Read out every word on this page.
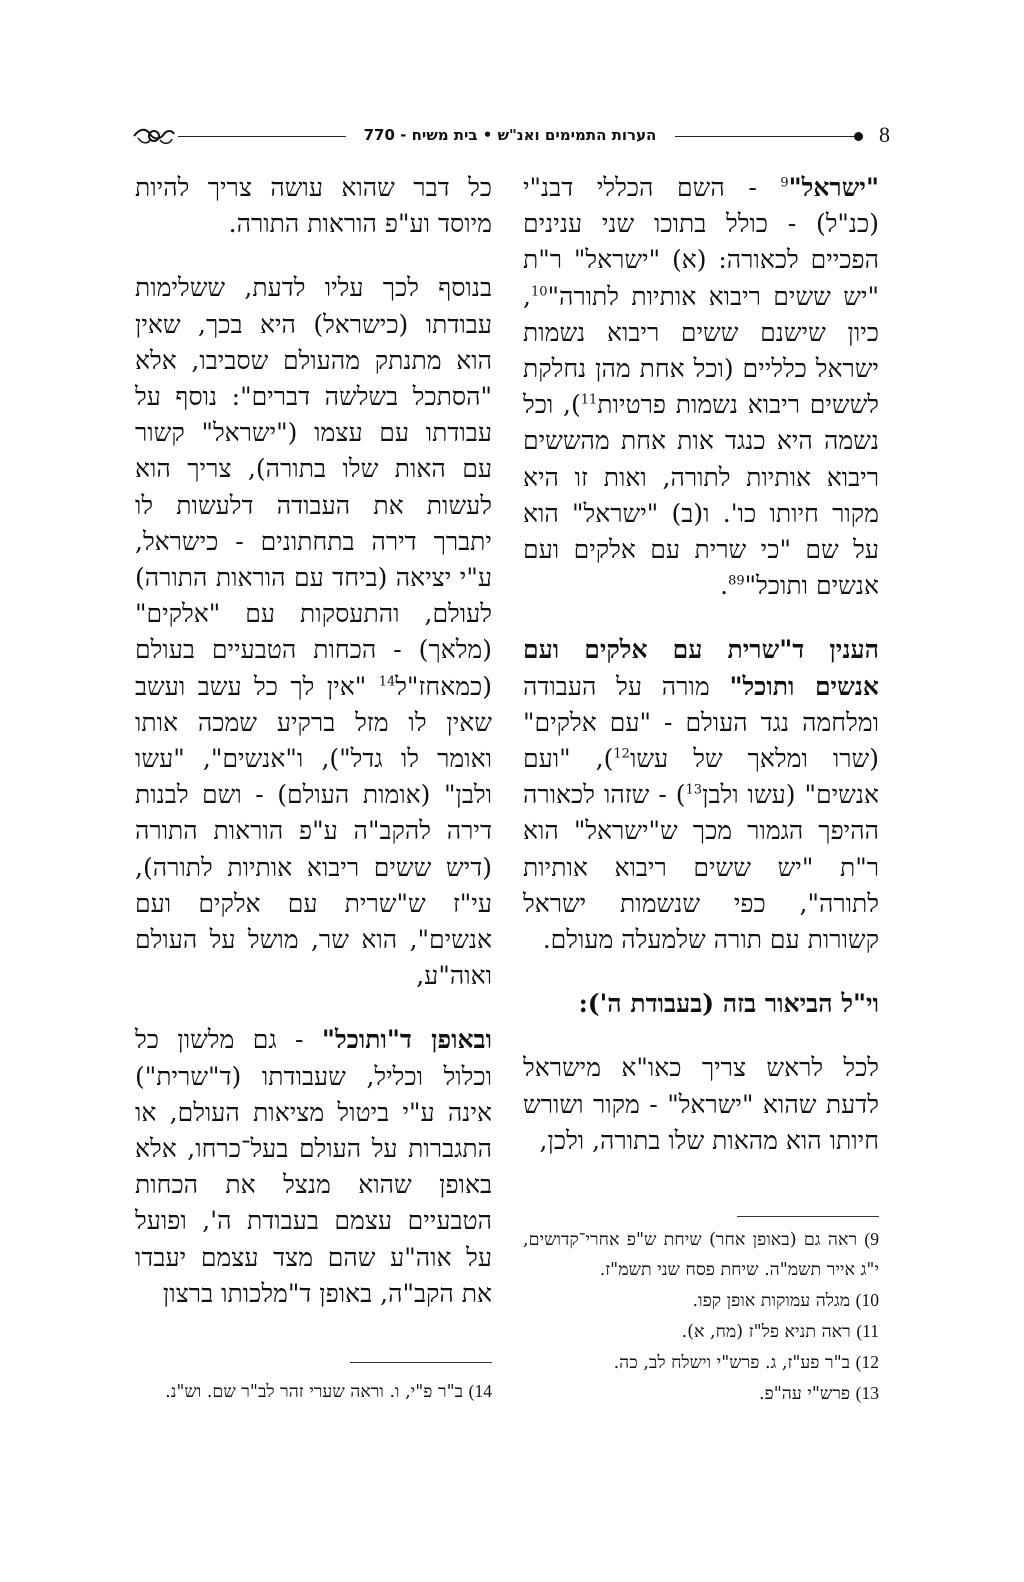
הערות התמימים ואנ"ש • בית משיח - 770	8

"ישראל"$^9$ - השם הכללי דבנ"י (כנ"ל) - כולל בתוכו שני ענינים הפכיים לכאורה: (א) "ישראל" ר"ת "יש ששים ריבוא אותיות לתורה"$^{10}$, כיון שישנם ששים ריבוא נשמות ישראל כלליים (וכל אחת מהן נחלקת לששים ריבוא נשמות פרטיות$^{11}$), וכל נשמה היא כנגד אות אחת מהששים ריבוא אותיות לתורה, ואות זו היא מקור חיותו כו'. ו(ב) "ישראל" הוא על שם "כי שרית עם אלקים ועם אנשים ותוכל"$^{89}$.

הענין ד"שרית עם אלקים ועם אנשים ותוכל" מורה על העבודה ומלחמה נגד העולם - "עם אלקים" (שרו ומלאך של עשו$^{12}$), "ועם אנשים" (עשו ולבן$^{13}$) - שזהו לכאורה ההיפך הגמור מכך ש"ישראל" הוא ר"ת "יש ששים ריבוא אותיות לתורה", כפי שנשמות ישראל קשורות עם תורה שלמעלה מעולם.

וי"ל הביאור בזה (בעבודת ה'):

לכל לראש צריך כאו"א מישראל לדעת שהוא "ישראל" - מקור ושורש חיותו הוא מהאות שלו בתורה, ולכן,

כל דבר שהוא עושה צריך להיות מיוסד וע"פ הוראות התורה.

בנוסף לכך עליו לדעת, ששלימות עבודתו (כישראל) היא בכך, שאין הוא מתנתק מהעולם שסביבו, אלא "הסתכל בשלשה דברים": נוסף על עבודתו עם עצמו ("ישראל" קשור עם האות שלו בתורה), צריך הוא לעשות את העבודה דלעשות לו יתברך דירה בתחתונים - כישראל, ע"י יציאה (ביחד עם הוראות התורה) לעולם, והתעסקות עם "אלקים" (מלאך) - הכחות הטבעיים בעולם (כמאחז"ל$^{14}$ "אין לך כל עשב ועשב שאין לו מזל ברקיע שמכה אותו ואומר לו גדל"), ו"אנשים", "עשו ולבן" (אומות העולם) - ושם לבנות דירה להקב"ה ע"פ הוראות התורה (דיש ששים ריבוא אותיות לתורה), עי"ז ש"שרית עם אלקים ועם אנשים", הוא שר, מושל על העולם ואוה"ע,

ובאופן ד"ותוכל" - גם מלשון כל וכלול וכליל, שעבודתו (ד"שרית") אינה ע"י ביטול מציאות העולם, או התגברות על העולם בעל־כרחו, אלא באופן שהוא מנצל את הכחות הטבעיים עצמם בעבודת ה', ופועל על אוה"ע שהם מצד עצמם יעבדו את הקב"ה, באופן ד"מלכותו ברצון

9) ראה גם (באופן אחר) שיחת ש"פ אחרי־קדושים, י"ג אייר תשמ"ה. שיחת פסח שני תשמ"ז.

10) מגלה עמוקות אופן קפו.

11) ראה תניא פל"ז (מח, א).

12) ב"ר פע"ז, ג. פרש"י וישלח לב, כה.

13) פרש"י עה"פ.

14) ב"ר פ"י, ו. וראה שערי זהר לב"ר שם. וש"נ.
